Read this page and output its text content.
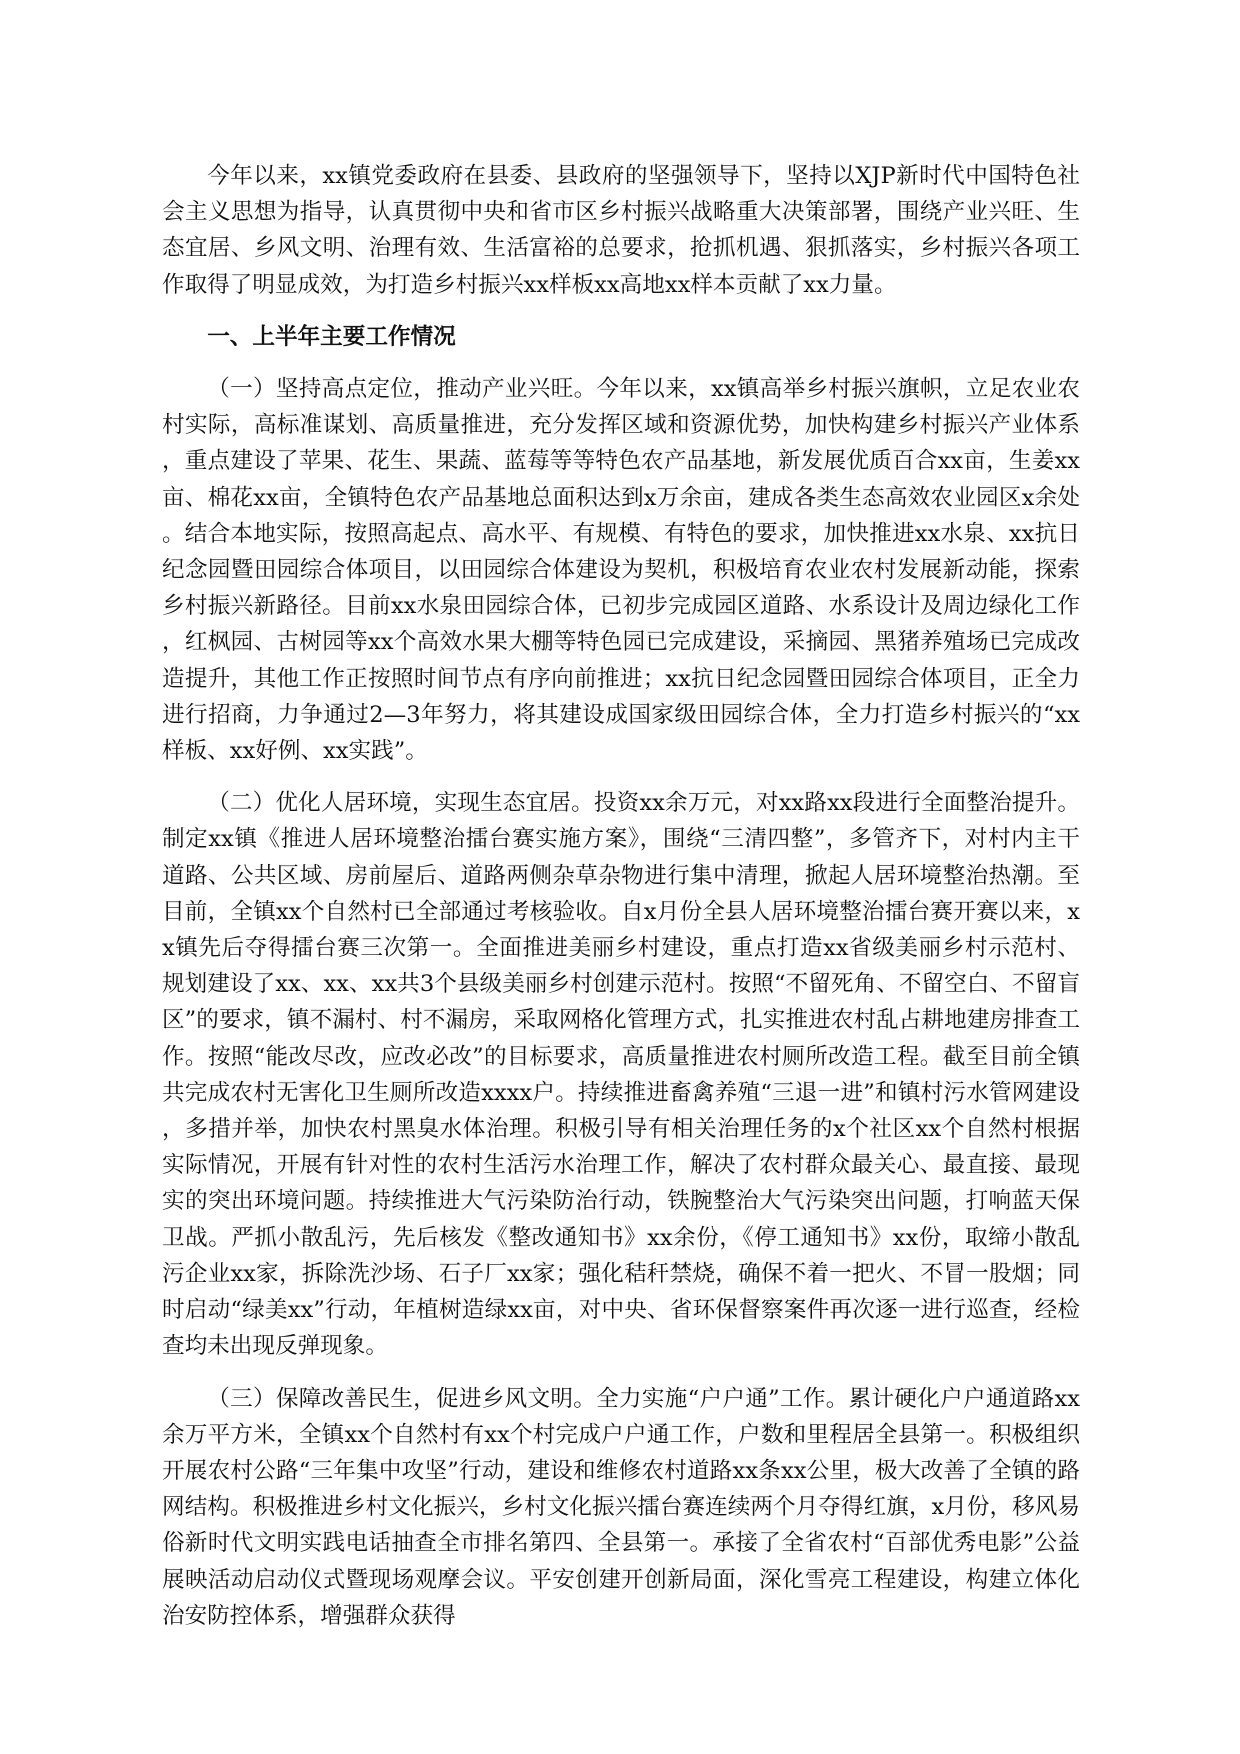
今年以来，xx镇党委政府在县委、县政府的坚强领导下，坚持以XJP新时代中国特色社会主义思想为指导，认真贯彻中央和省市区乡村振兴战略重大决策部署，围绕产业兴旺、生态宜居、乡风文明、治理有效、生活富裕的总要求，抢抓机遇、狠抓落实，乡村振兴各项工作取得了明显成效，为打造乡村振兴xx样板xx高地xx样本贡献了xx力量。

一、上半年主要工作情况

（一）坚持高点定位，推动产业兴旺。今年以来，xx镇高举乡村振兴旗帜，立足农业农村实际，高标准谋划、高质量推进，充分发挥区域和资源优势，加快构建乡村振兴产业体系，重点建设了苹果、花生、果蔬、蓝莓等等特色农产品基地，新发展优质百合xx亩，生姜xx亩、棉花xx亩，全镇特色农产品基地总面积达到x万余亩，建成各类生态高效农业园区x余处。结合本地实际，按照高起点、高水平、有规模、有特色的要求，加快推进xx水泉、xx抗日纪念园暨田园综合体项目，以田园综合体建设为契机，积极培育农业农村发展新动能，探索乡村振兴新路径。目前xx水泉田园综合体，已初步完成园区道路、水系设计及周边绿化工作，红枫园、古树园等xx个高效水果大棚等特色园已完成建设，采摘园、黑猪养殖场已完成改造提升，其他工作正按照时间节点有序向前推进；xx抗日纪念园暨田园综合体项目，正全力进行招商，力争通过2—3年努力，将其建设成国家级田园综合体，全力打造乡村振兴的“xx样板、xx好例、xx实践”。

（二）优化人居环境，实现生态宜居。投资xx余万元，对xx路xx段进行全面整治提升。制定xx镇《推进人居环境整治擂台赛实施方案》，围绕“三清四整”，多管齐下，对村内主干道路、公共区域、房前屋后、道路两侧杂草杂物进行集中清理，掀起人居环境整治热潮。至目前，全镇xx个自然村已全部通过考核验收。自x月份全县人居环境整治擂台赛开赛以来，xx镇先后夺得擂台赛三次第一。全面推进美丽乡村建设，重点打造xx省级美丽乡村示范村、规划建设了xx、xx、xx共3个县级美丽乡村创建示范村。按照“不留死角、不留空白、不留盲区”的要求，镇不漏村、村不漏房，采取网格化管理方式，扎实推进农村乱占耕地建房排查工作。按照“能改尽改，应改必改”的目标要求，高质量推进农村厕所改造工程。截至目前全镇共完成农村无害化卫生厕所改造xxxx户。持续推进畜禽养殖“三退一进”和镇村污水管网建设，多措并举，加快农村黑臭水体治理。积极引导有相关治理任务的x个社区xx个自然村根据实际情况，开展有针对性的农村生活污水治理工作，解决了农村群众最关心、最直接、最现实的突出环境问题。持续推进大气污染防治行动，铁腕整治大气污染突出问题，打响蓝天保卫战。严抓小散乱污，先后核发《整改通知书》xx余份，《停工通知书》xx份，取缔小散乱污企业xx家，拆除洗沙场、石子厂xx家；强化秸秆禁烧，确保不着一把火、不冒一股烟；同时启动“绿美xx”行动，年植树造绿xx亩，对中央、省环保督察案件再次逐一进行巡查，经检查均未出现反弹现象。

（三）保障改善民生，促进乡风文明。全力实施“户户通”工作。累计硬化户户通道路xx余万平方米，全镇xx个自然村有xx个村完成户户通工作，户数和里程居全县第一。积极组织开展农村公路“三年集中攻坚”行动，建设和维修农村道路xx条xx公里，极大改善了全镇的路网结构。积极推进乡村文化振兴，乡村文化振兴擂台赛连续两个月夺得红旗，x月份，移风易俗新时代文明实践电话抽查全市排名第四、全县第一。承接了全省农村“百部优秀电影”公益展映活动启动仪式暨现场观摩会议。平安创建开创新局面，深化雪亮工程建设，构建立体化治安防控体系，增强群众获得
